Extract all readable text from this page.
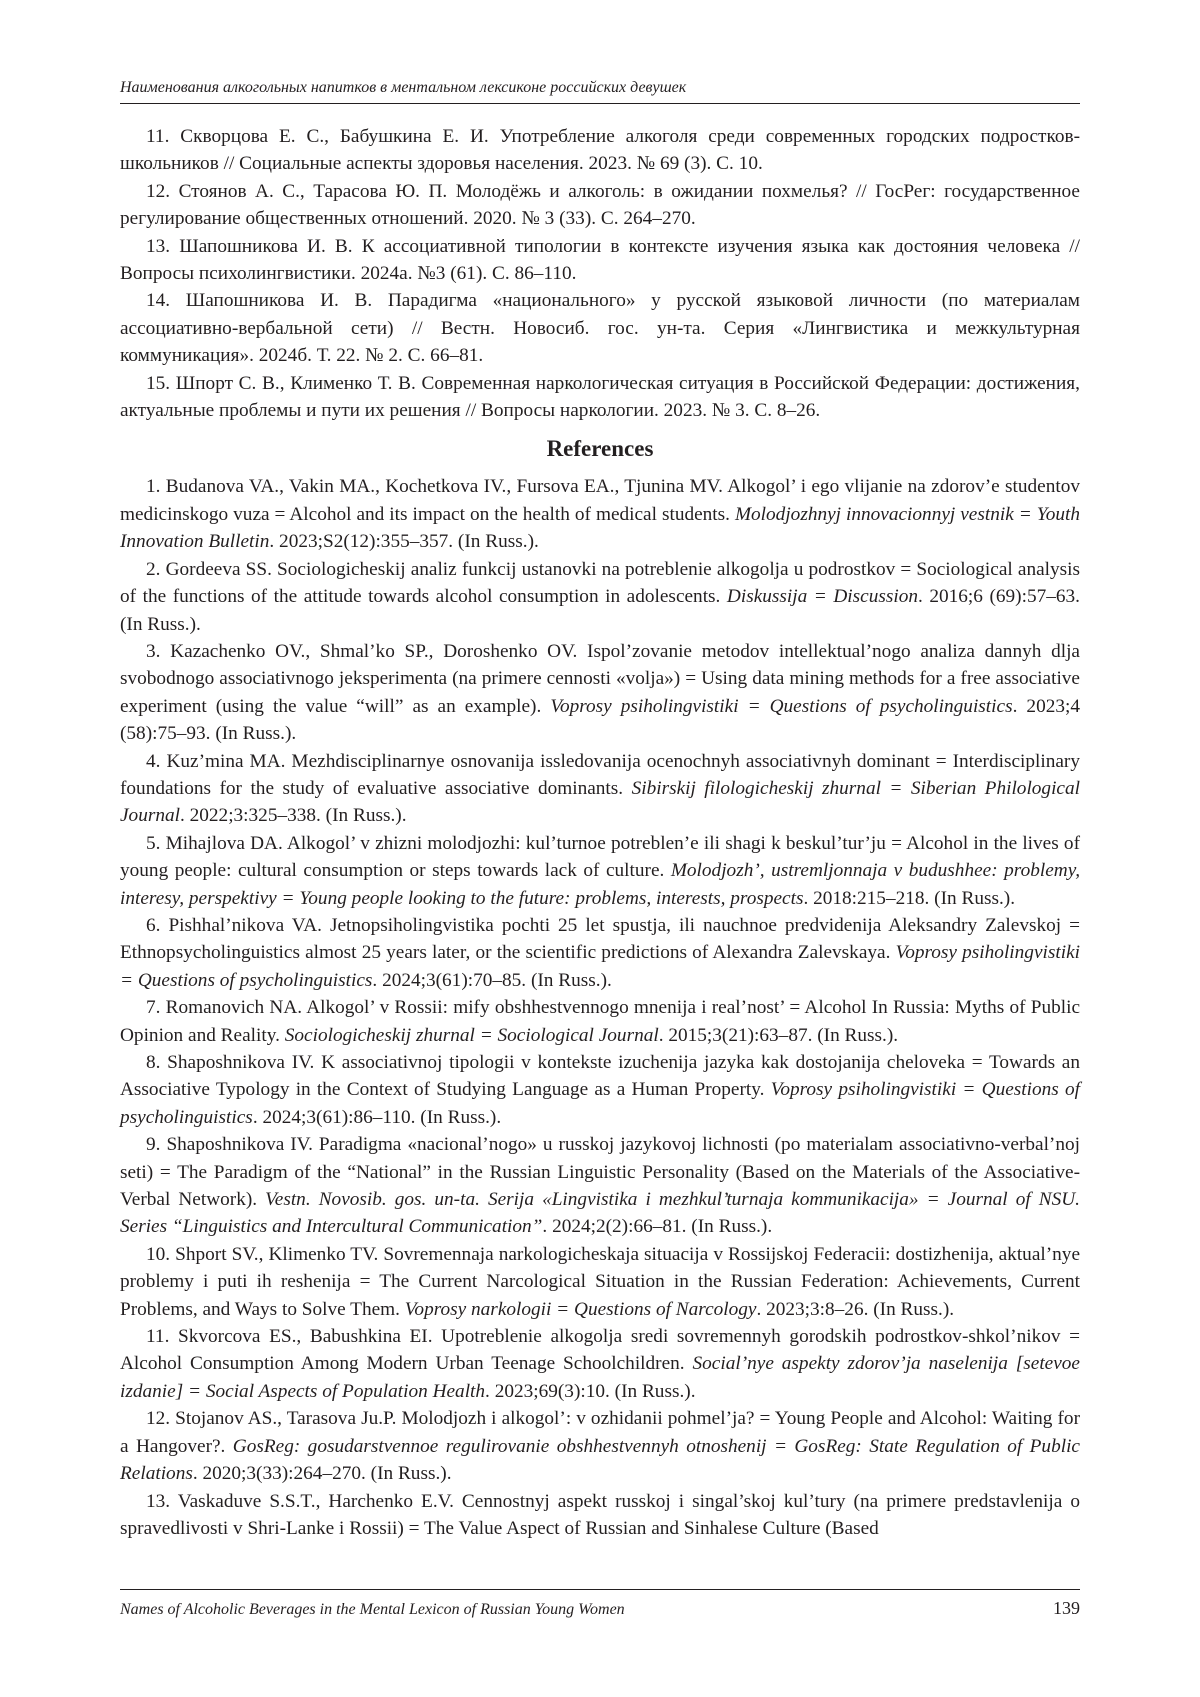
Наименования алкогольных напитков в ментальном лексиконе российских девушек

11. Скворцова Е. С., Бабушкина Е. И. Употребление алкоголя среди современных городских подростков-школьников // Социальные аспекты здоровья населения. 2023. № 69 (3). С. 10.

12. Стоянов А. С., Тарасова Ю. П. Молодёжь и алкоголь: в ожидании похмелья? // ГосРег: государственное регулирование общественных отношений. 2020. № 3 (33). С. 264–270.

13. Шапошникова И. В. К ассоциативной типологии в контексте изучения языка как достояния человека // Вопросы психолингвистики. 2024а. №3 (61). С. 86–110.

14. Шапошникова И. В. Парадигма «национального» у русской языковой личности (по материалам ассоциативно-вербальной сети) // Вестн. Новосиб. гос. ун-та. Серия «Лингвистика и межкультурная коммуникация». 2024б. Т. 22. № 2. С. 66–81.

15. Шпорт С. В., Клименко Т. В. Современная наркологическая ситуация в Российской Федерации: достижения, актуальные проблемы и пути их решения // Вопросы наркологии. 2023. № 3. С. 8–26.

References

1. Budanova VA., Vakin MA., Kochetkova IV., Fursova EA., Tjunina MV. Alkogol’ i ego vlijanie na zdorov’e studentov medicinskogo vuza = Alcohol and its impact on the health of medical students. Molodjozhnyj innovacionnyj vestnik = Youth Innovation Bulletin. 2023;S2(12):355–357. (In Russ.).

2. Gordeeva SS. Sociologicheskij analiz funkcij ustanovki na potreblenie alkogolja u podrostkov = Sociological analysis of the functions of the attitude towards alcohol consumption in adolescents. Diskussija = Discussion. 2016;6 (69):57–63. (In Russ.).

3. Kazachenko OV., Shmal’ko SP., Doroshenko OV. Ispol’zovanie metodov intellektual’nogo analiza dannyh dlja svobodnogo associativnogo jeksperimenta (na primere cennosti «volja») = Using data mining methods for a free associative experiment (using the value “will” as an example). Voprosy psiholingvistiki = Questions of psycholinguistics. 2023;4 (58):75–93. (In Russ.).

4. Kuz’mina MA. Mezhdisciplinarnye osnovanija issledovanija ocenochnyh associativnyh dominant = Interdisciplinary foundations for the study of evaluative associative dominants. Sibirskij filologicheskij zhurnal = Siberian Philological Journal. 2022;3:325–338. (In Russ.).

5. Mihajlova DA. Alkogol’ v zhizni molodjozhi: kul’turnoe potreblen’e ili shagi k beskul’tur’ju = Alcohol in the lives of young people: cultural consumption or steps towards lack of culture. Molodjozh’, ustremljonnaja v budushhee: problemy, interesy, perspektivy = Young people looking to the future: problems, interests, prospects. 2018:215–218. (In Russ.).

6. Pishhal’nikova VA. Jetnopsiholingvistika pochti 25 let spustja, ili nauchnoe predvidenija Aleksandry Zalevskoj = Ethnopsycholinguistics almost 25 years later, or the scientific predictions of Alexandra Zalevskaya. Voprosy psiholingvistiki = Questions of psycholinguistics. 2024;3(61):70–85. (In Russ.).

7. Romanovich NA. Alkogol’ v Rossii: mify obshhestvennogo mnenija i real’nost’ = Alcohol In Russia: Myths of Public Opinion and Reality. Sociologicheskij zhurnal = Sociological Journal. 2015;3(21):63–87. (In Russ.).

8. Shaposhnikova IV. K associativnoj tipologii v kontekste izuchenija jazyka kak dostojanija cheloveka = Towards an Associative Typology in the Context of Studying Language as a Human Property. Voprosy psiholingvistiki = Questions of psycholinguistics. 2024;3(61):86–110. (In Russ.).

9. Shaposhnikova IV. Paradigma «nacional’nogo» u russkoj jazykovoj lichnosti (po materialam associativno-verbal’noj seti) = The Paradigm of the “National” in the Russian Linguistic Personality (Based on the Materials of the Associative-Verbal Network). Vestn. Novosib. gos. un-ta. Serija «Lingvistika i mezhkul’turnaja kommunikacija» = Journal of NSU. Series “Linguistics and Intercultural Communication”. 2024;2(2):66–81. (In Russ.).

10. Shport SV., Klimenko TV. Sovremennaja narkologicheskaja situacija v Rossijskoj Federacii: dostizhenija, aktual’nye problemy i puti ih reshenija = The Current Narcological Situation in the Russian Federation: Achievements, Current Problems, and Ways to Solve Them. Voprosy narkologii = Questions of Narcology. 2023;3:8–26. (In Russ.).

11. Skvorcova ES., Babushkina EI. Upotreblenie alkogolja sredi sovremennyh gorodskih podrostkov-shkol’nikov = Alcohol Consumption Among Modern Urban Teenage Schoolchildren. Social’nye aspekty zdorov’ja naselenija [setevoe izdanie] = Social Aspects of Population Health. 2023;69(3):10. (In Russ.).

12. Stojanov AS., Tarasova Ju.P. Molodjozh i alkogol’: v ozhidanii pohmel’ja? = Young People and Alcohol: Waiting for a Hangover?. GosReg: gosudarstvennoe regulirovanie obshhestvennyh otnoshenij = GosReg: State Regulation of Public Relations. 2020;3(33):264–270. (In Russ.).

13. Vaskaduve S.S.T., Harchenko E.V. Cennostnyj aspekt russkoj i singal’skoj kul’tury (na primere predstavlenija o spravedlivosti v Shri-Lanke i Rossii) = The Value Aspect of Russian and Sinhalese Culture (Based

Names of Alcoholic Beverages in the Mental Lexicon of Russian Young Women	139
